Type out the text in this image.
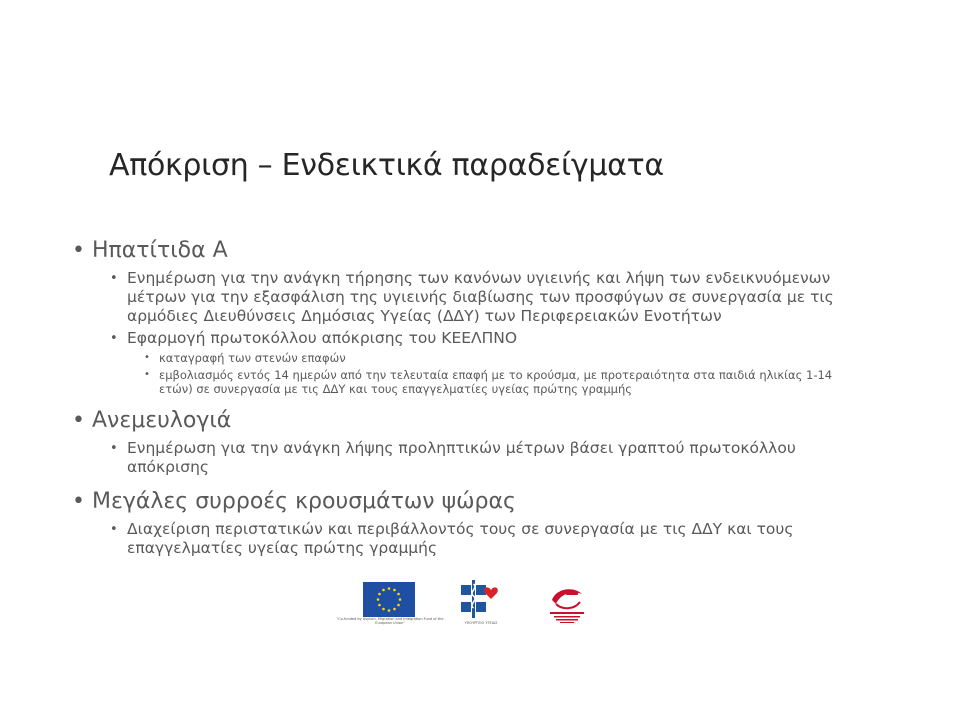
Απόκριση – Ενδεικτικά παραδείγματα
• Ηπατίτιδα Α
• Ενημέρωση για την ανάγκη τήρησης των κανόνων υγιεινής και λήψη των ενδεικνυόμενων μέτρων για την εξασφάλιση της υγιεινής διαβίωσης των προσφύγων σε συνεργασία με τις αρμόδιες Διευθύνσεις Δημόσιας Υγείας (ΔΔΥ) των Περιφερειακών Ενοτήτων
• Εφαρμογή πρωτοκόλλου απόκρισης του ΚΕΕΛΠΝΟ
• καταγραφή των στενών επαφών
• εμβολιασμός εντός 14 ημερών από την τελευταία επαφή με το κρούσμα, με προτεραιότητα στα παιδιά ηλικίας 1-14 ετών) σε συνεργασία με τις ΔΔΥ και τους επαγγελματίες υγείας πρώτης γραμμής
• Ανεμευλογιά
• Ενημέρωση για την ανάγκη λήψης προληπτικών μέτρων βάσει γραπτού πρωτοκόλλου απόκρισης
• Μεγάλες συρροές κρουσμάτων ψώρας
• Διαχείριση περιστατικών και περιβάλλοντός τους σε συνεργασία με τις ΔΔΥ και τους επαγγελματίες υγείας πρώτης γραμμής
"Co-funded by Asylum, Migration and Integration Fund of the European Union"	ΥΠΟΥΡΓΕΙΟ ΥΓΕΙΑΣ
